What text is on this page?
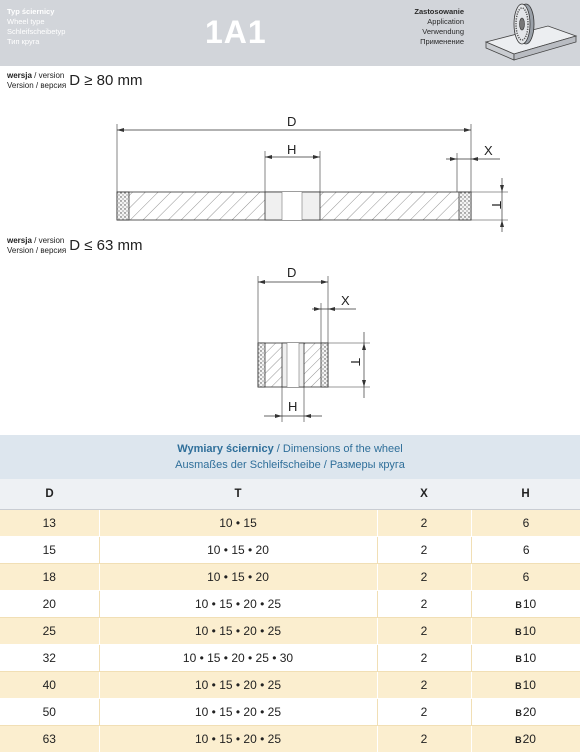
Typ ściernicy
Wheel type
Schleifscheibetyp
Тип круга	1A1
Zastosowanie
Application
Verwendung
Применение
wersja / version
Version / версия D ≥ 80 mm
D
H	X
T
wersja / version
Version / версия D ≤ 63 mm
D
X
T
H
Wymiary ściernicy / Dimensions of the wheel
Ausmaßes der Schleifscheibe / Размеры круга
D	T	X	H
13	10 • 15	2	6
15	10 • 15 • 20	2	6
18	10 • 15 • 20	2	6
20	10 • 15 • 20 • 25	2	B10
25	10 • 15 • 20 • 25	2	B10
32	10 • 15 • 20 • 25 • 30	2	B10
40	10 • 15 • 20 • 25	2	B10
50	10 • 15 • 20 • 25	2	B20
63	10 • 15 • 20 • 25	2	B20
